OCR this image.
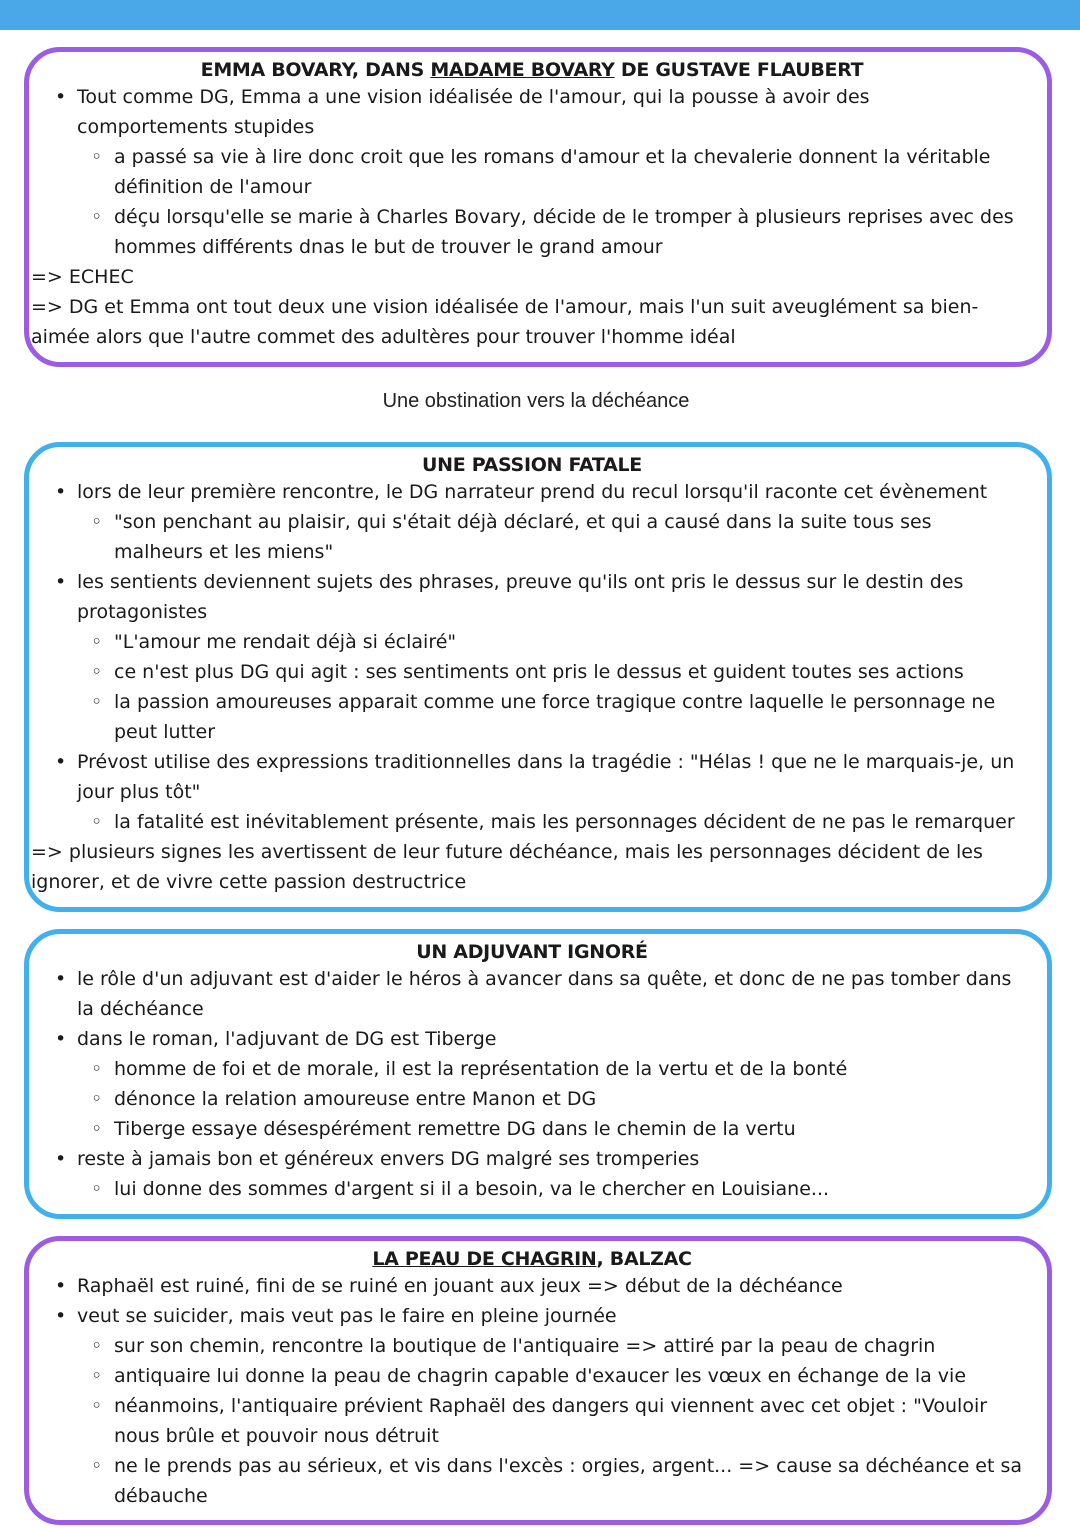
EMMA BOVARY, DANS MADAME BOVARY DE GUSTAVE FLAUBERT
• Tout comme DG, Emma a une vision idéalisée de l'amour, qui la pousse à avoir des comportements stupides
◦ a passé sa vie à lire donc croit que les romans d'amour et la chevalerie donnent la véritable définition de l'amour
◦ déçu lorsqu'elle se marie à Charles Bovary, décide de le tromper à plusieurs reprises avec des hommes différents dnas le but de trouver le grand amour
=> ECHEC
=> DG et Emma ont tout deux une vision idéalisée de l'amour, mais l'un suit aveuglément sa bien-aimée alors que l'autre commet des adultères pour trouver l'homme idéal
Une obstination vers la déchéance
UNE PASSION FATALE
• lors de leur première rencontre, le DG narrateur prend du recul lorsqu'il raconte cet évènement
◦ "son penchant au plaisir, qui s'était déjà déclaré, et qui a causé dans la suite tous ses malheurs et les miens"
• les sentients deviennent sujets des phrases, preuve qu'ils ont pris le dessus sur le destin des protagonistes
◦ "L'amour me rendait déjà si éclairé"
◦ ce n'est plus DG qui agit : ses sentiments ont pris le dessus et guident toutes ses actions
◦ la passion amoureuses apparait comme une force tragique contre laquelle le personnage ne peut lutter
• Prévost utilise des expressions traditionnelles dans la tragédie : "Hélas ! que ne le marquais-je, un jour plus tôt"
◦ la fatalité est inévitablement présente, mais les personnages décident de ne pas le remarquer
=> plusieurs signes les avertissent de leur future déchéance, mais les personnages décident de les ignorer, et de vivre cette passion destructrice
UN ADJUVANT IGNORÉ
• le rôle d'un adjuvant est d'aider le héros à avancer dans sa quête, et donc de ne pas tomber dans la déchéance
• dans le roman, l'adjuvant de DG est Tiberge
◦ homme de foi et de morale, il est la représentation de la vertu et de la bonté
◦ dénonce la relation amoureuse entre Manon et DG
◦ Tiberge essaye désespérément remettre DG dans le chemin de la vertu
• reste à jamais bon et généreux envers DG malgré ses tromperies
◦ lui donne des sommes d'argent si il a besoin, va le chercher en Louisiane...
LA PEAU DE CHAGRIN, BALZAC
• Raphaël est ruiné, fini de se ruiné en jouant aux jeux => début de la déchéance
• veut se suicider, mais veut pas le faire en pleine journée
◦ sur son chemin, rencontre la boutique de l'antiquaire => attiré par la peau de chagrin
◦ antiquaire lui donne la peau de chagrin capable d'exaucer les vœux en échange de la vie
◦ néanmoins, l'antiquaire prévient Raphaël des dangers qui viennent avec cet objet : "Vouloir nous brûle et pouvoir nous détruit
◦ ne le prends pas au sérieux, et vis dans l'excès : orgies, argent... => cause sa déchéance et sa débauche
